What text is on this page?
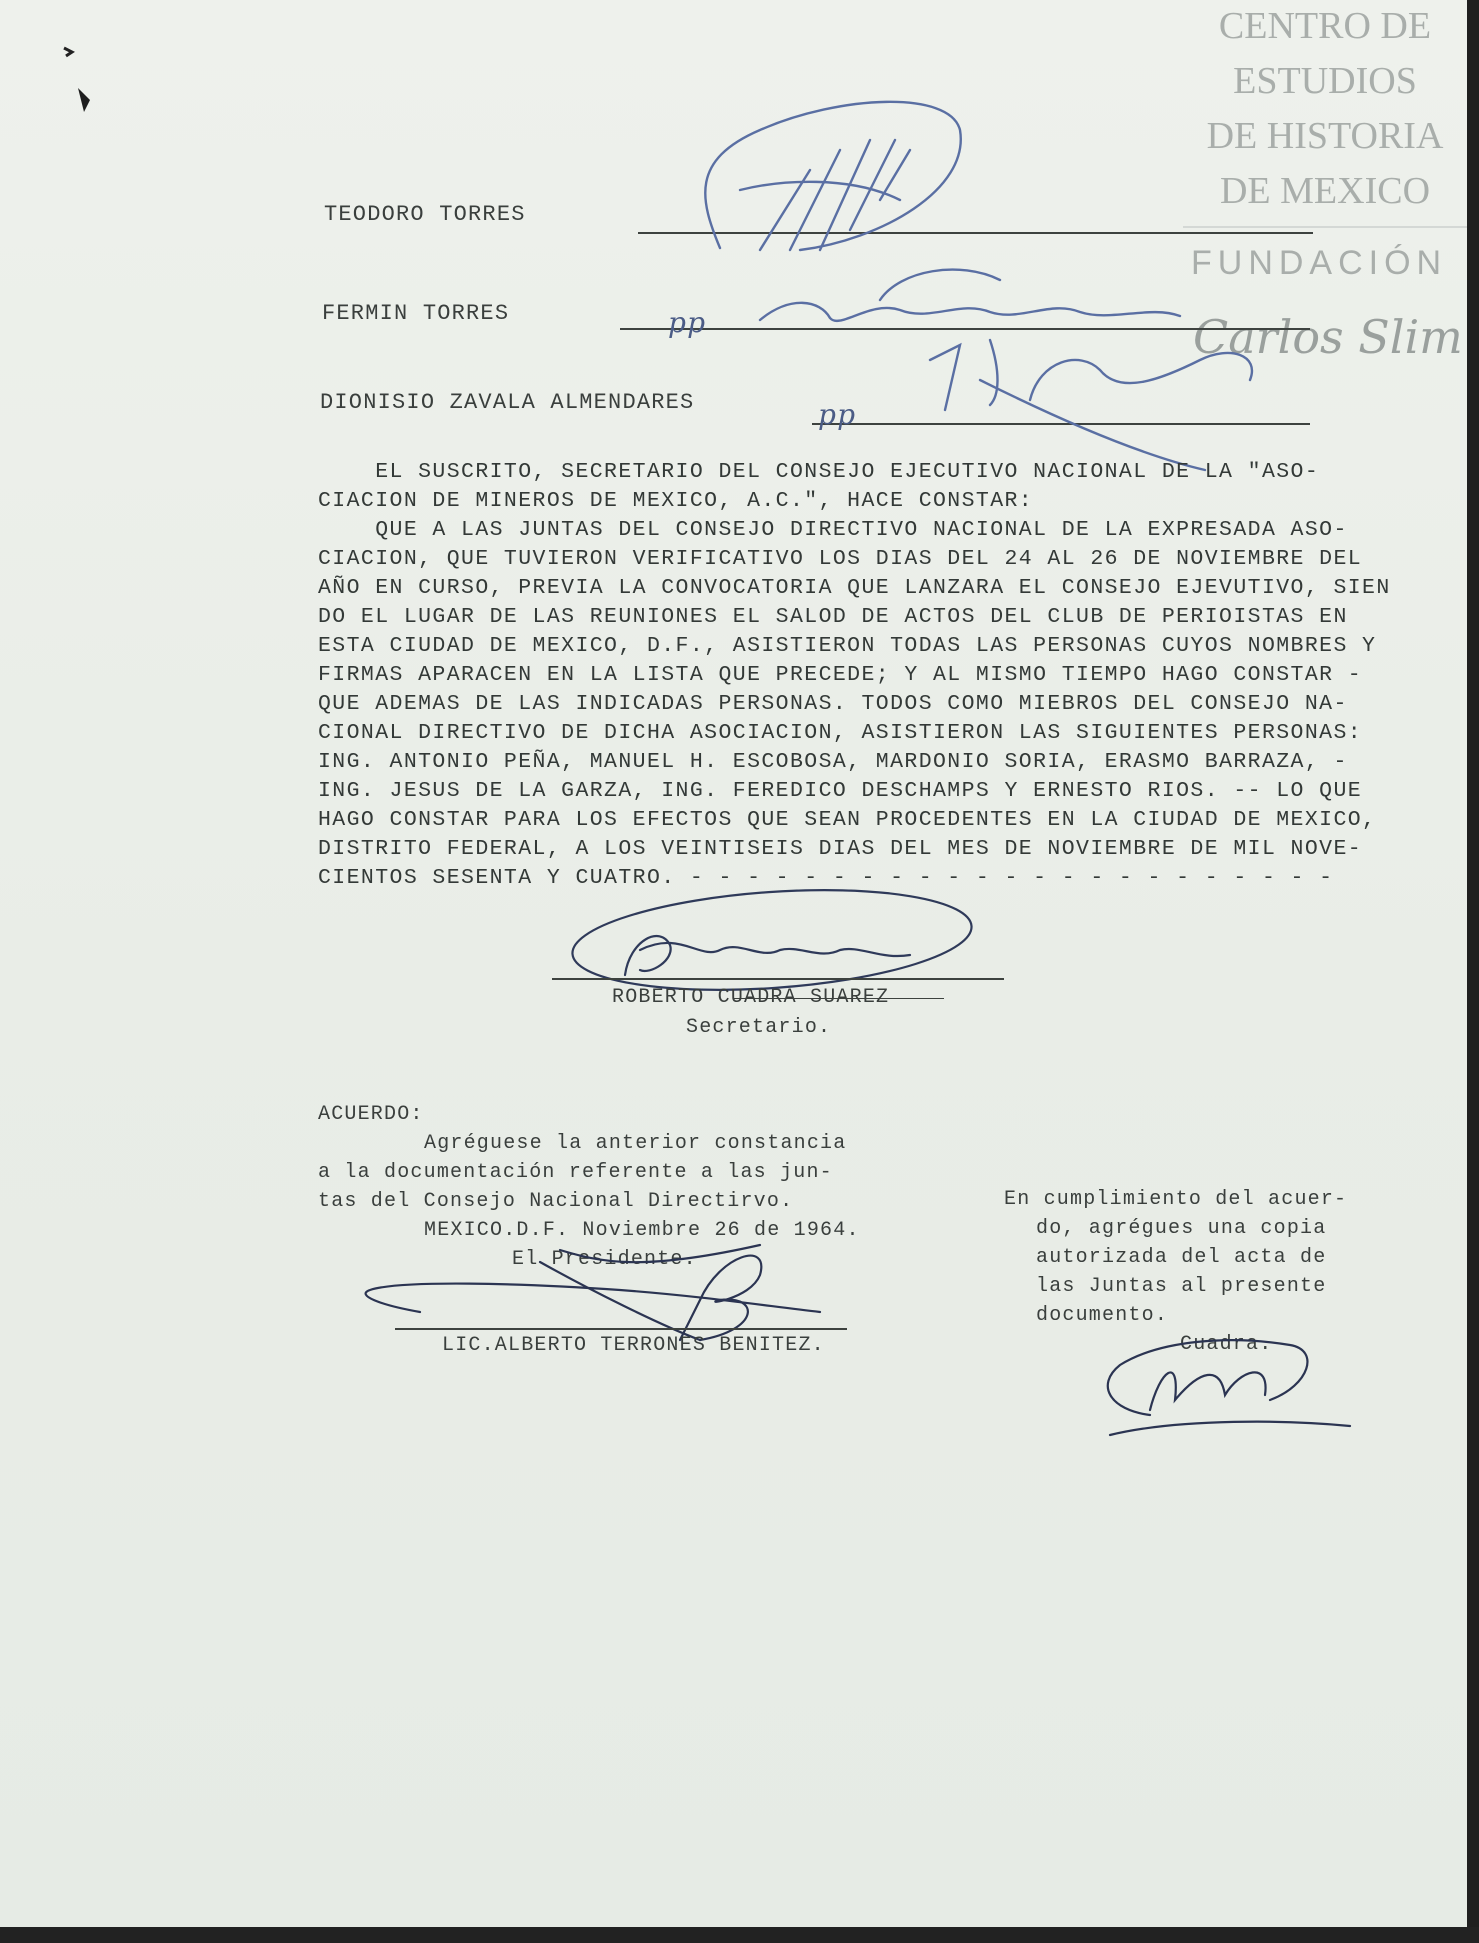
CENTRO DE
ESTUDIOS
DE HISTORIA
DE MEXICO
FUNDACIÓN
Carlos Slim
TEODORO TORRES
FERMIN TORRES	pp
DIONISIO ZAVALA ALMENDARES	pp
EL SUSCRITO, SECRETARIO DEL CONSEJO EJECUTIVO NACIONAL DE LA "ASO-
CIACION DE MINEROS DE MEXICO, A.C.", HACE CONSTAR:
QUE A LAS JUNTAS DEL CONSEJO DIRECTIVO NACIONAL DE LA EXPRESADA ASO-
CIACION, QUE TUVIERON VERIFICATIVO LOS DIAS DEL 24 AL 26 DE NOVIEMBRE DEL
AÑO EN CURSO, PREVIA LA CONVOCATORIA QUE LANZARA EL CONSEJO EJEVUTIVO, SIEN
DO EL LUGAR DE LAS REUNIONES EL SALOD DE ACTOS DEL CLUB DE PERIOISTAS EN
ESTA CIUDAD DE MEXICO, D.F., ASISTIERON TODAS LAS PERSONAS CUYOS NOMBRES Y
FIRMAS APARACEN EN LA LISTA QUE PRECEDE; Y AL MISMO TIEMPO HAGO CONSTAR -
QUE ADEMAS DE LAS INDICADAS PERSONAS. TODOS COMO MIEBROS DEL CONSEJO NA-
CIONAL DIRECTIVO DE DICHA ASOCIACION, ASISTIERON LAS SIGUIENTES PERSONAS:
ING. ANTONIO PEÑA, MANUEL H. ESCOBOSA, MARDONIO SORIA, ERASMO BARRAZA, -
ING. JESUS DE LA GARZA, ING. FEREDICO DESCHAMPS Y ERNESTO RIOS. -- LO QUE
HAGO CONSTAR PARA LOS EFECTOS QUE SEAN PROCEDENTES EN LA CIUDAD DE MEXICO,
DISTRITO FEDERAL, A LOS VEINTISEIS DIAS DEL MES DE NOVIEMBRE DE MIL NOVE-
CIENTOS SESENTA Y CUATRO. - - - - - - - - - - - - - - - - - - - - - - -
ROBERTO CUADRA SUAREZ
Secretario.
ACUERDO:
Agréguese la anterior constancia
a la documentación referente a las jun-
tas del Consejo Nacional Directirvo.
MEXICO.D.F. Noviembre 26 de 1964.
El Presidente.
LIC.ALBERTO TERRONES BENITEZ.
En cumplimiento del acuer-
do, agrégues una copia
autorizada del acta de
las Juntas al presente
documento.
Cuadra.
